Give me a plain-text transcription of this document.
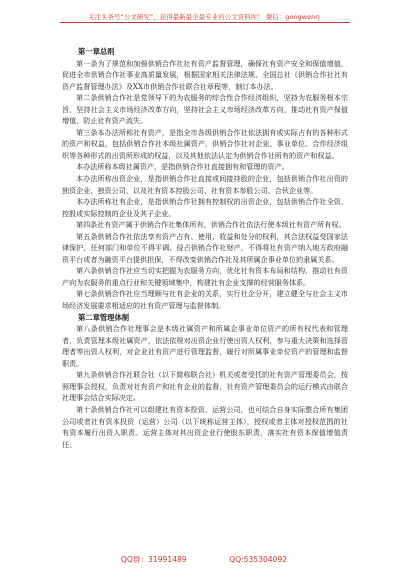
关注头条号“公文研究”，获得最新最全最专业的公文资料库！ 微信：gongwenrj
第一章总则

第一条为了规范和加强供销合作社社有资产监督管理，确保社有资产安全和保值增值，促进全市供销合作社事业高质量发展，根据国家相关法律法规、全国总社《供销合作社社有资产监督管理办法》及XX市供销合作社联合社章程等，制订本办法。

第二条供销合作社是党领导下的为农服务的综合性合作经济组织，坚持为农服务根本宗旨，坚持社会主义市场经济改革方向，坚持社会主义市场经济改革方向，推动社有资产保值增值，防止社有资产流失。

第三条本办法所称社有资产，是指全市各级供销合作社依法拥有或实际占有的各种形式的资产和权益，包括供销合作社本级社属资产，供销合作社对企业、事业单位、合作经济组织等各种形式的出资所形成的权益，以及其他依法认定为供销合作社所有的资产和权益。

本办法所称本级社属资产，是指供销合作社直接拥有和管理的资产。

本办法所称出资企业，是指供销合作社直接或间接持股的企业，包括供销合作社出资的独资企业、独资公司，以及社有资本控股公司、社有资本参股公司、合伙企业等。

本办法所称社有企业，是指供销合作社拥有控制权的出资企业，包括供销合作社全资、控股或实际控制的企业及其子企业。

第四条社有资产属于供销合作社集体所有，供销合作社依法行使本级社有资产所有权。

第五条供销合作社依法享有资产占有、使用、收益和处分的权利，其合法权益受国家法律保护，任何部门和单位不得平调、侵占供销合作社财产，不得将社有资产纳入地方政府融资平台或者为融资平台提供担保，不得改变供销合作社及其所属企事业单位的隶属关系。

第六条供销合作社应当切实把握为农服务方向，优化社有资本布局和结构，推动社有资产向为农服务的重点行业和关键领域集中，构建社有企业支撑的经营服务体系。

第七条供销合作社应当理顺与社有企业的关系，实行社企分开，建立健全与社会主义市场经济发展要求相适应的社有资产管理与监督体制。

第二章管理体制

第八条供销合作社理事会是本级社属资产和所属企事业单位资产的所有权代表和管理者，负责管理本级社属资产，依法依规对出资企业行使出资人权利，参与重大决策和选择管理者等出资人权利，对企业社有资产进行管理监督，履行对所属事业单位资产的管理和监督职责。

第九条供销合作社联合社（以下简称联合社）机关或者受托的社有资产管理委员会，按照理事会授权，负责对社有资产和社有企业的监督，社有资产管理委员会的运行模式由联合社理事会结合实际决定。

第十条供销合作社可以组建社有资本投资、运营公司，也可结合自身实际整合所有集团公司或者社有资本投资（运营）公司（以下统称运营主体），授权或者主体对授权范围的社有资本履行出资人职责。运营主体对其出资企业行使股东职责，落实社有资本保值增值责任。

QQ群：31991489	QQ:535304092
